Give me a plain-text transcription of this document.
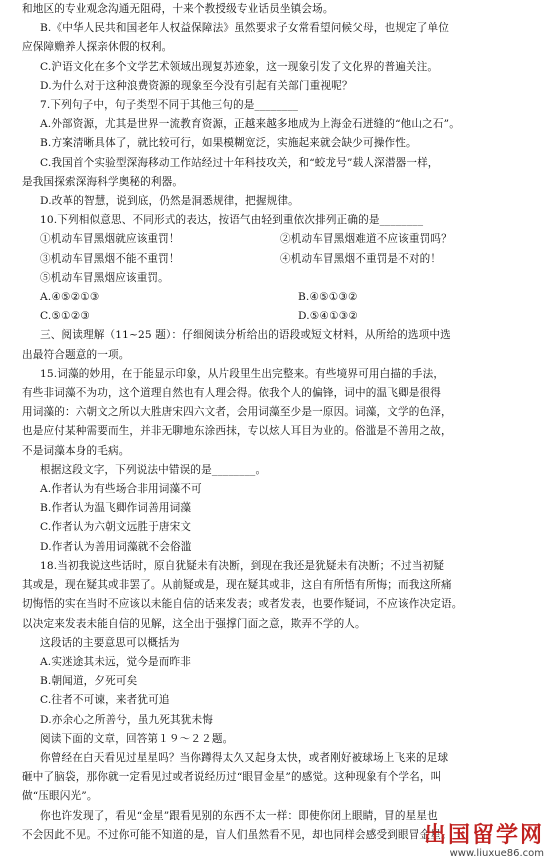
和地区的专业观念沟通无阻碍，十来个教授级专业话员坐镇会场。
B.《中华人民共和国老年人权益保障法》虽然要求子女常看望问候父母，也规定了单位
应保障赡养人探亲休假的权利。
C.沪语文化在多个文学艺术领域出现复苏迹象，这一现象引发了文化界的普遍关注。
D.为什么对于这种浪费资源的现象至今没有引起有关部门重视呢？
7.下列句子中，句子类型不同于其他三句的是________
A.外部资源，尤其是世界一流教育资源，正越来越多地成为上海金石迸缝的“他山之石”。
B.方案清晰具体了，就比较可行，如果模糊宽泛，实施起来就会缺少可操作性。
C.我国首个实验型深海移动工作站经过十年科技攻关，和“蛟龙号”载人深潜器一样，
是我国探索深海科学奥秘的利器。
D.改革的智慧，说到底，仍然是洞悉规律，把握规律。
10.下列相似意思、不同形式的表达，按语气由轻到重依次排列正确的是________
①机动车冒黑烟就应该重罚！	②机动车冒黑烟难道不应该重罚吗？
③机动车冒黑烟不能不重罚！	④机动车冒黑烟不重罚是不对的！
⑤机动车冒黑烟应该重罚。
A.④⑤②①③	B.④⑤①③②
C.⑤①②③	D.⑤④①③②
三、阅读理解（11~25 题）：仔细阅读分析给出的语段或短文材料，从所给的选项中选
出最符合题意的一项。
15.词藻的妙用，在于能显示印象，从片段里生出完整来。有些境界可用白描的手法，
有些非词藻不为功，这个道理自然也有人理会得。依我个人的偏锋，词中的温飞卿是很得
用词藻的：六朝文之所以大胜唐宋四六文者，会用词藻至少是一原因。词藻，文学的色泽，
也是应付某种需要而生，并非无聊地东涂西抹，专以炫人耳目为业的。俗滥是不善用之故，
不是词藻本身的毛病。
根据这段文字，下列说法中错误的是________。
A.作者认为有些场合非用词藻不可
B.作者认为温飞卿作词善用词藻
C.作者认为六朝文远胜于唐宋文
D.作者认为善用词藻就不会俗滥
18.当初我说这些话时，原自犹疑未有决断，到现在我还是犹疑未有决断；不过当初疑
其或是，现在疑其或非罢了。从前疑或是，现在疑其或非，这自有所悟有所悔；而我这所痛
切悔悟的实在当时不应该以未能自信的话来发表；或者发表，也要作疑词，不应该作决定语。
以决定来发表未能自信的见解，这全出于强撑门面之意，欺弄不学的人。
这段话的主要意思可以概括为
A.实迷途其未远，觉今是而昨非
B.朝闻道，夕死可矣
C.往者不可谏，来者犹可追
D.亦余心之所善兮，虽九死其犹未悔
阅读下面的文章，回答第１９～２２题。
你曾经在白天看见过星星吗？当你蹲得太久又起身太快，或者刚好被球场上飞来的足球
砸中了脑袋，那你就一定看见过或者说经历过“眼冒金星”的感觉。这种现象有个学名，叫
做“压眼闪光”。
你也许发现了，看见“金星”跟看见别的东西不太一样：即使你闭上眼睛，冒的星星也
不会因此不见。不过你可能不知道的是，盲人们虽然看不见，却也同样会感受到眼冒金星。
出国留学网
www.liuxue86.com
